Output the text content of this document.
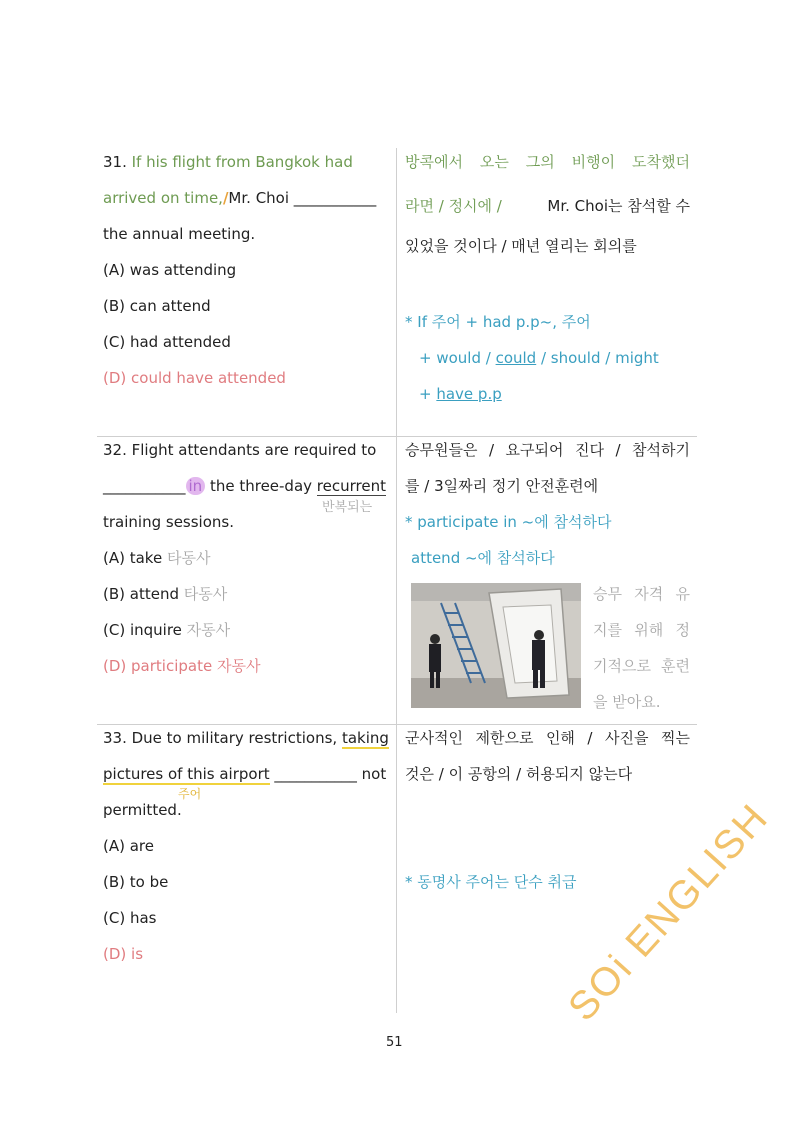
31. If his flight from Bangkok had
arrived on time,/Mr. Choi ___________
the annual meeting.
(A) was attending
(B) can attend
(C) had attended
(D) could have attended
방콕에서 오는 그의 비행이 도착했더
라면 / 정시에 /	Mr. Choi는 참석할 수
있었을 것이다 / 매년 열리는 회의를
* If 주어 + had p.p~, 주어
+ would / could / should / might
+ have p.p
32. Flight attendants are required to
___________ in the three-day recurrent
반복되는
training sessions.
(A) take 타동사
(B) attend 타동사
(C) inquire 자동사
(D) participate 자동사
승무원들은 / 요구되어 진다 / 참석하기
를 / 3일짜리 정기 안전훈련에
* participate in ~에 참석하다
attend ~에 참석하다
승무 자격 유
지를 위해 정
기적으로 훈련
을 받아요.
33. Due to military restrictions, taking
pictures of this airport ___________ not
주어
permitted.
(A) are
(B) to be
(C) has
(D) is
군사적인 제한으로 인해 / 사진을 찍는
것은 / 이 공항의 / 허용되지 않는다
* 동명사 주어는 단수 취급
51
SOi ENGLISH
